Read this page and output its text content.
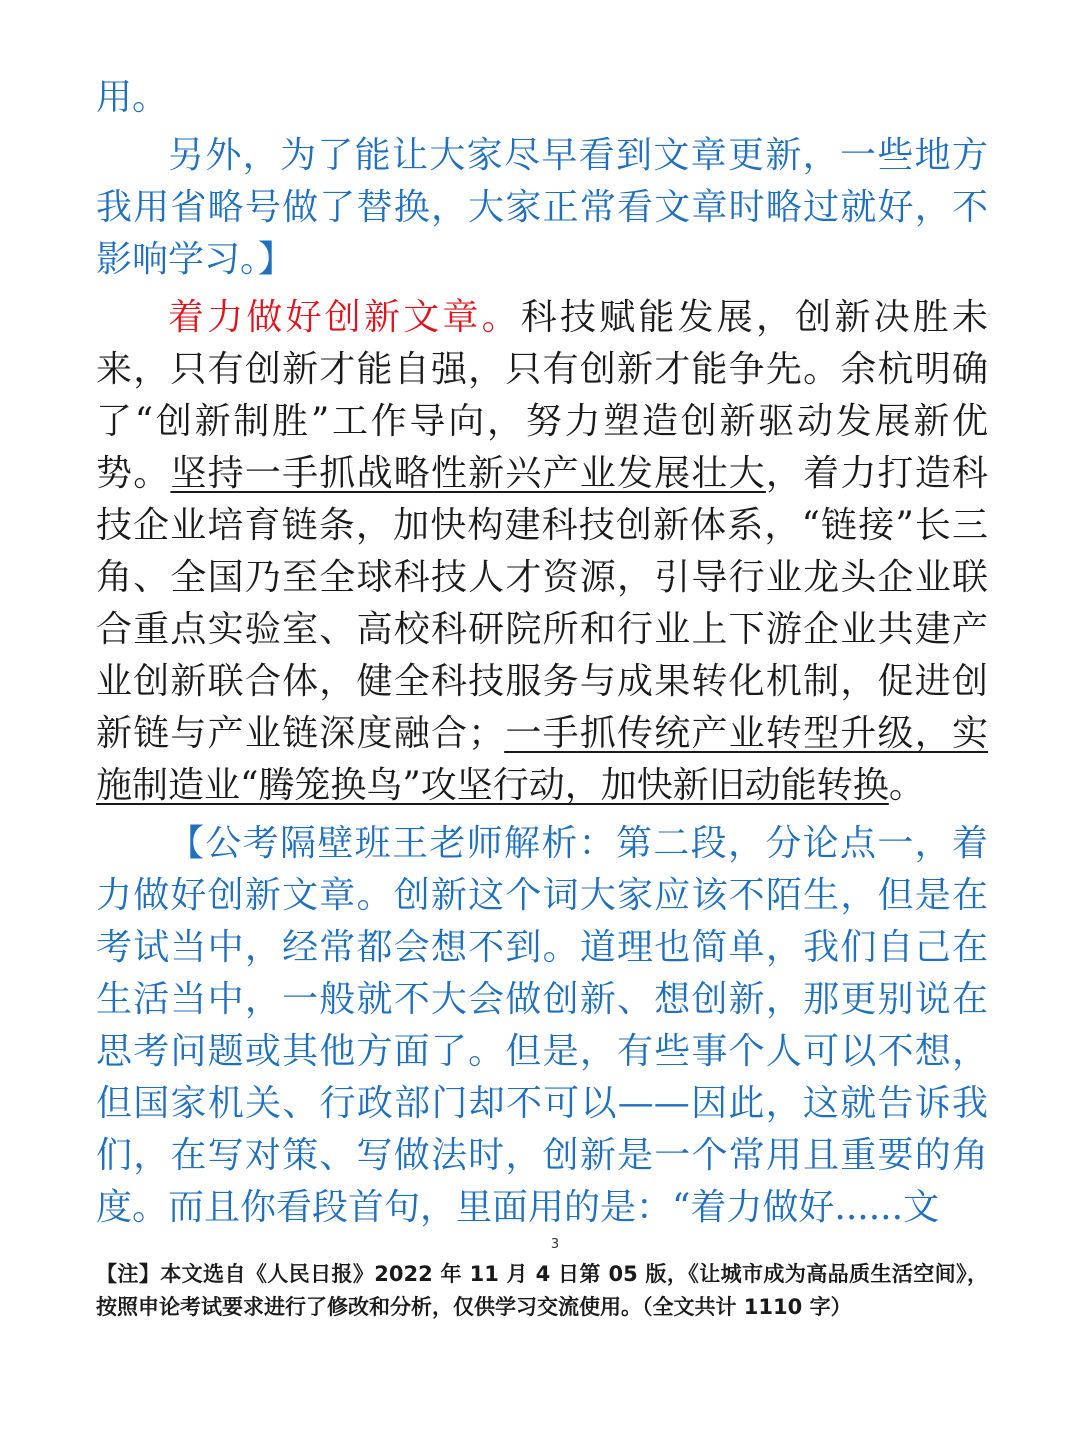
用。

另外，为了能让大家尽早看到文章更新，一些地方我用省略号做了替换，大家正常看文章时略过就好，不影响学习。】

着力做好创新文章。科技赋能发展，创新决胜未来，只有创新才能自强，只有创新才能争先。余杭明确了“创新制胜”工作导向，努力塑造创新驱动发展新优势。坚持一手抓战略性新兴产业发展壮大，着力打造科技企业培育链条，加快构建科技创新体系，“链接”长三角、全国乃至全球科技人才资源，引导行业龙头企业联合重点实验室、高校科研院所和行业上下游企业共建产业创新联合体，健全科技服务与成果转化机制，促进创新链与产业链深度融合；一手抓传统产业转型升级，实施制造业“腾笼换鸟”攻坚行动，加快新旧动能转换。

【公考隔壁班王老师解析：第二段，分论点一，着力做好创新文章。创新这个词大家应该不陌生，但是在考试当中，经常都会想不到。道理也简单，我们自己在生活当中，一般就不大会做创新、想创新，那更别说在思考问题或其他方面了。但是，有些事个人可以不想，但国家机关、行政部门却不可以——因此，这就告诉我们，在写对策、写做法时，创新是一个常用且重要的角度。而且你看段首句，里面用的是：“着力做好......文

3
【注】本文选自《人民日报》2022 年 11 月 4 日第 05 版，《让城市成为高品质生活空间》，按照申论考试要求进行了修改和分析，仅供学习交流使用。（全文共计 1110 字）
